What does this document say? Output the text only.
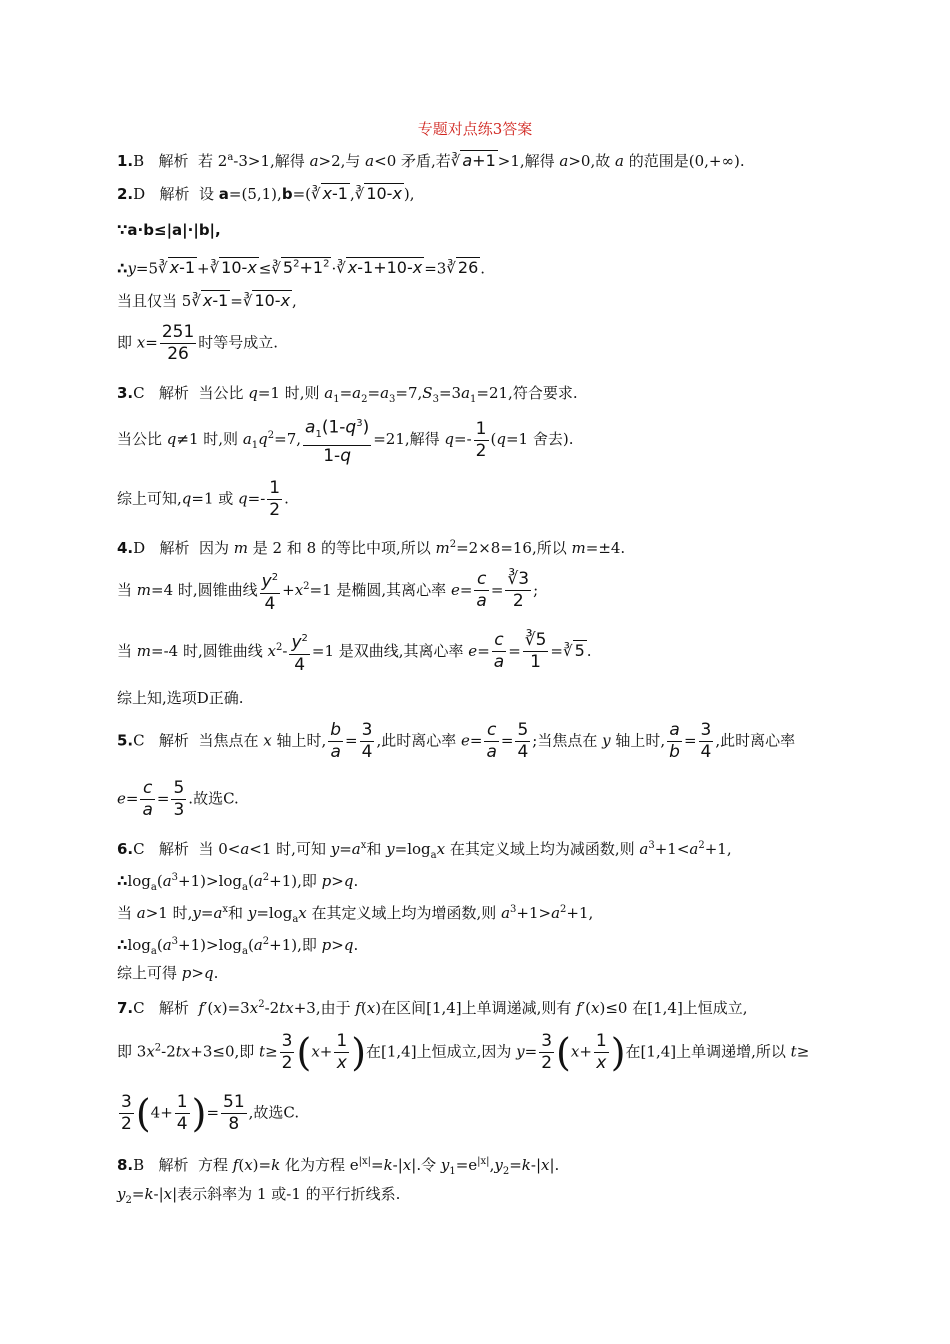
专题对点练3答案
1.B   解析  若 $2^a-3>1$,解得 a>2,与 a<0 矛盾,若∛ a+1 >1,解得 a>0,故 a 的范围是(0,+∞).
2.D   解析  设 a=(5,1),b=(∛ x-1 ,∛ 10-x ),
∵a·b≤|a|·|b|,
∴y=5∛ x-1 +∛ 10-x ≤∛ $5^2+1^2$ ·∛ x-1+10-x =3∛ 26 .
当且仅当 5∛ x-1 =∛ 10-x ,
即 $x= \frac{251}{26}$ 时等号成立.
3.C   解析  当公比 q=1 时,则 $a_1=a_2=a_3=7,S_3=3a_1=21$,符合要求.
当公比 q≠1 时,则 $a_1q^2=7$, $\frac{a_1(1-q^3)}{1-q} =21$,解得 $q=- \frac{1}{2} (q=1$ 舍去).
综上可知,q=1 或 $q=- \frac{1}{2}$ .
4.D   解析  因为 m 是 2 和 8 的等比中项,所以 $m^2=2\times 8=16$,所以 m=±4.
当 m=4 时,圆锥曲线 $\frac{y^2}{4} +x^2=1$ 是椭圆,其离心率 $e= \frac{c}{a} = \frac{∛3}{2}$ ;
当 m=-4 时,圆锥曲线 $x^2- \frac{y^2}{4} =1$ 是双曲线,其离心率 $e= \frac{c}{a} = \frac{∛5}{1}$ =∛ 5 .
综上知,选项D正确.
5.C   解析  当焦点在 x 轴上时, $\frac{b}{a} = \frac{3}{4}$ ,此时离心率 $e= \frac{c}{a} = \frac{5}{4}$ ;当焦点在 y 轴上时, $\frac{a}{b} = \frac{3}{4}$ ,此时离心率
$e= \frac{c}{a} = \frac{5}{3}$ .故选C.
6.C   解析  当 0<a<1 时,可知 $y=a^x$和 $y=\log_ax$ 在其定义域上均为减函数,则 $a^3+1<a^2+1$,
$\therefore\log_a(a^3+1)>\log_a(a^2+1)$,即 p>q.
当 a>1 时$,y=a^x$和 $y=\log_ax$ 在其定义域上均为增函数,则 $a^3+1>a^2+1$,
$\therefore\log_a(a^3+1)>\log_a(a^2+1)$,即 p>q.
综上可得 p>q.
7.C   解析  $f'(x)=3x^2-2tx+3$,由于 f(x)在区间[1,4]上单调递减,则有 f′(x)≤0 在[1,4]上恒成立,
即 $3x^2-2tx+3\le 0$,即 $t\ge \frac{3}{2} (x+ \frac{1}{x}$ )在[1,4]上恒成立,因为 $y= \frac{3}{2} (x+ \frac{1}{x}$ )在[1,4]上单调递增,所以 t≥
$\frac{3}{2} (4+ \frac{1}{4}$ )= $\frac{51}{8}$ ,故选C.
8.B   解析  方程 f(x)=k 化为方程 $e^{|x|}=k-|x|$.令 $y_1=e^{|x|},y_2=k-|x|$.
$y_2=k-|x|$表示斜率为 1 或-1 的平行折线系.
